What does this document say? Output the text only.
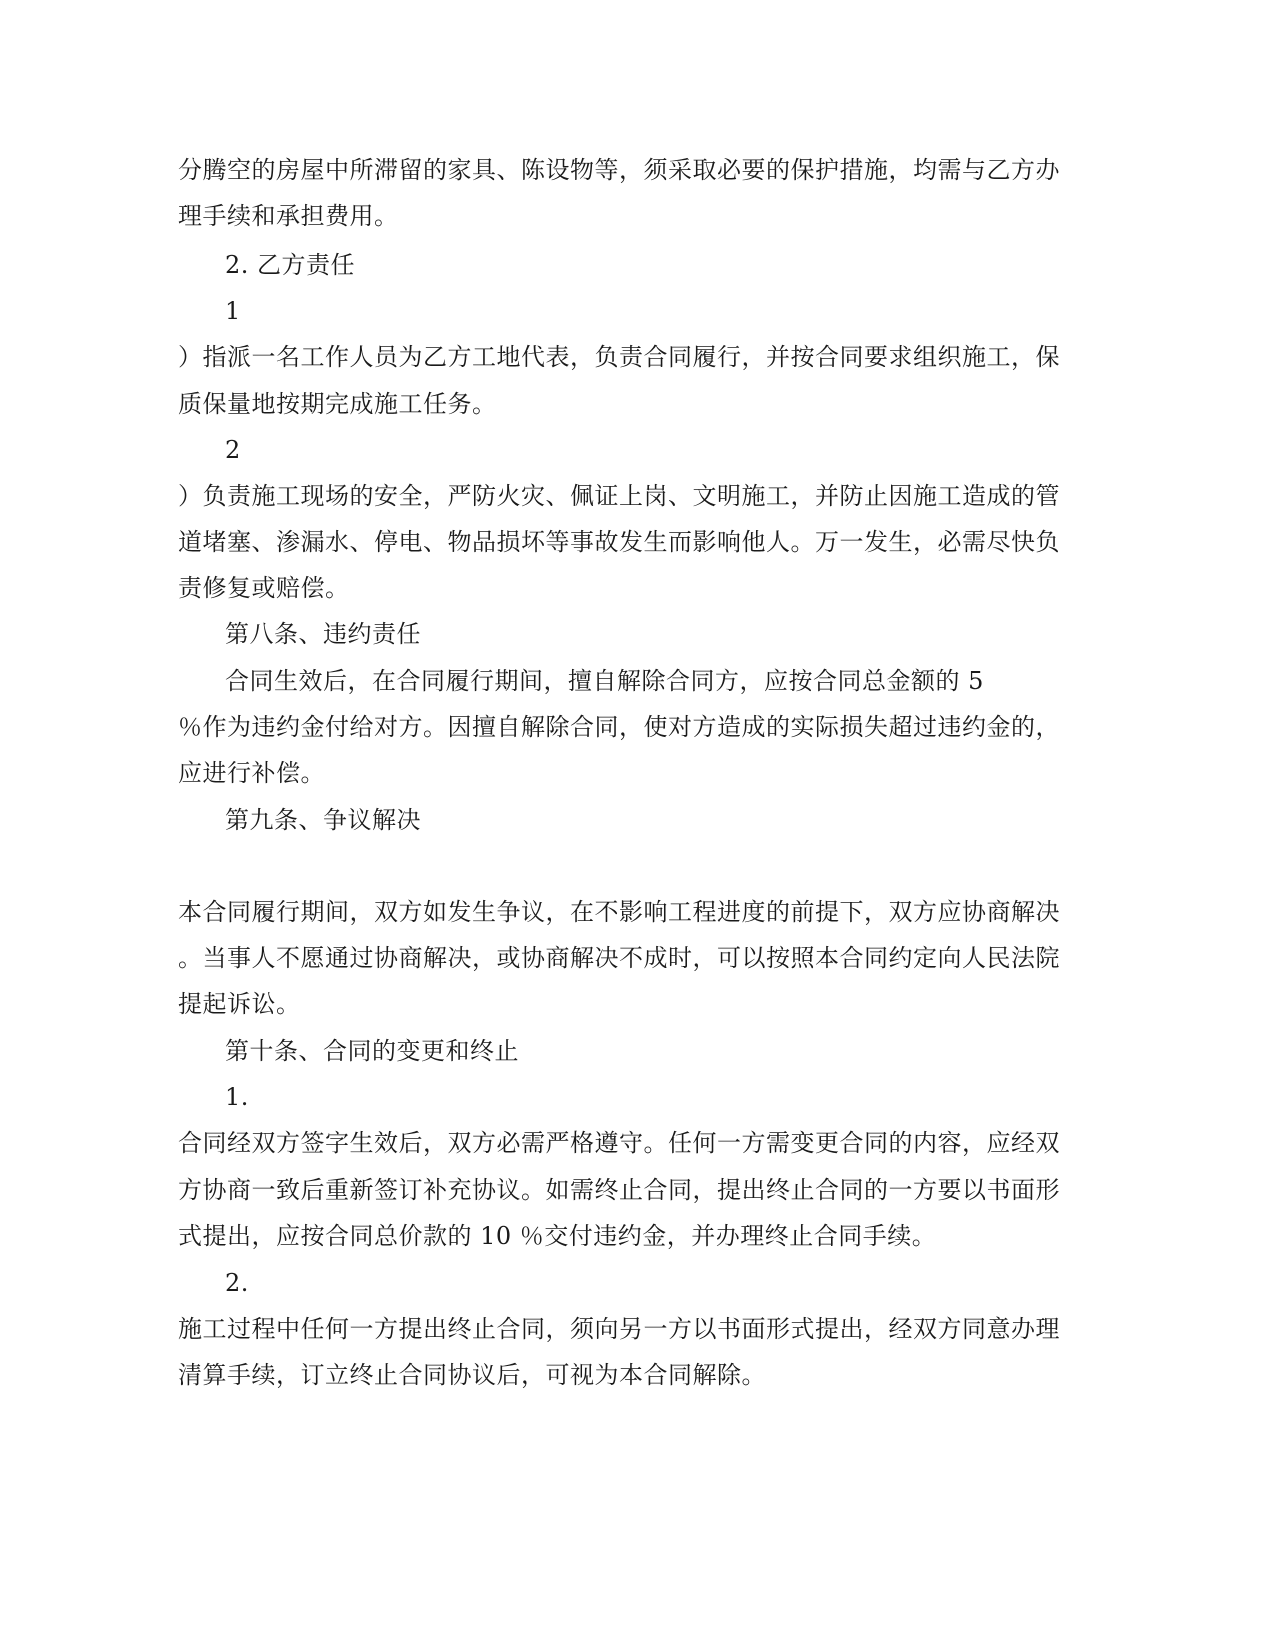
分腾空的房屋中所滞留的家具、陈设物等，须采取必要的保护措施，均需与乙方办
理手续和承担费用。
2. 乙方责任
1
）指派一名工作人员为乙方工地代表，负责合同履行，并按合同要求组织施工，保
质保量地按期完成施工任务。
2
）负责施工现场的安全，严防火灾、佩证上岗、文明施工，并防止因施工造成的管
道堵塞、渗漏水、停电、物品损坏等事故发生而影响他人。万一发生，必需尽快负
责修复或赔偿。
第八条、违约责任
合同生效后，在合同履行期间，擅自解除合同方，应按合同总金额的 5
％作为违约金付给对方。因擅自解除合同，使对方造成的实际损失超过违约金的，
应进行补偿。
第九条、争议解决
本合同履行期间，双方如发生争议，在不影响工程进度的前提下，双方应协商解决
。当事人不愿通过协商解决，或协商解决不成时，可以按照本合同约定向人民法院
提起诉讼。
第十条、合同的变更和终止
1.
合同经双方签字生效后，双方必需严格遵守。任何一方需变更合同的内容，应经双
方协商一致后重新签订补充协议。如需终止合同，提出终止合同的一方要以书面形
式提出，应按合同总价款的 10 ％交付违约金，并办理终止合同手续。
2.
施工过程中任何一方提出终止合同，须向另一方以书面形式提出，经双方同意办理
清算手续，订立终止合同协议后，可视为本合同解除。
